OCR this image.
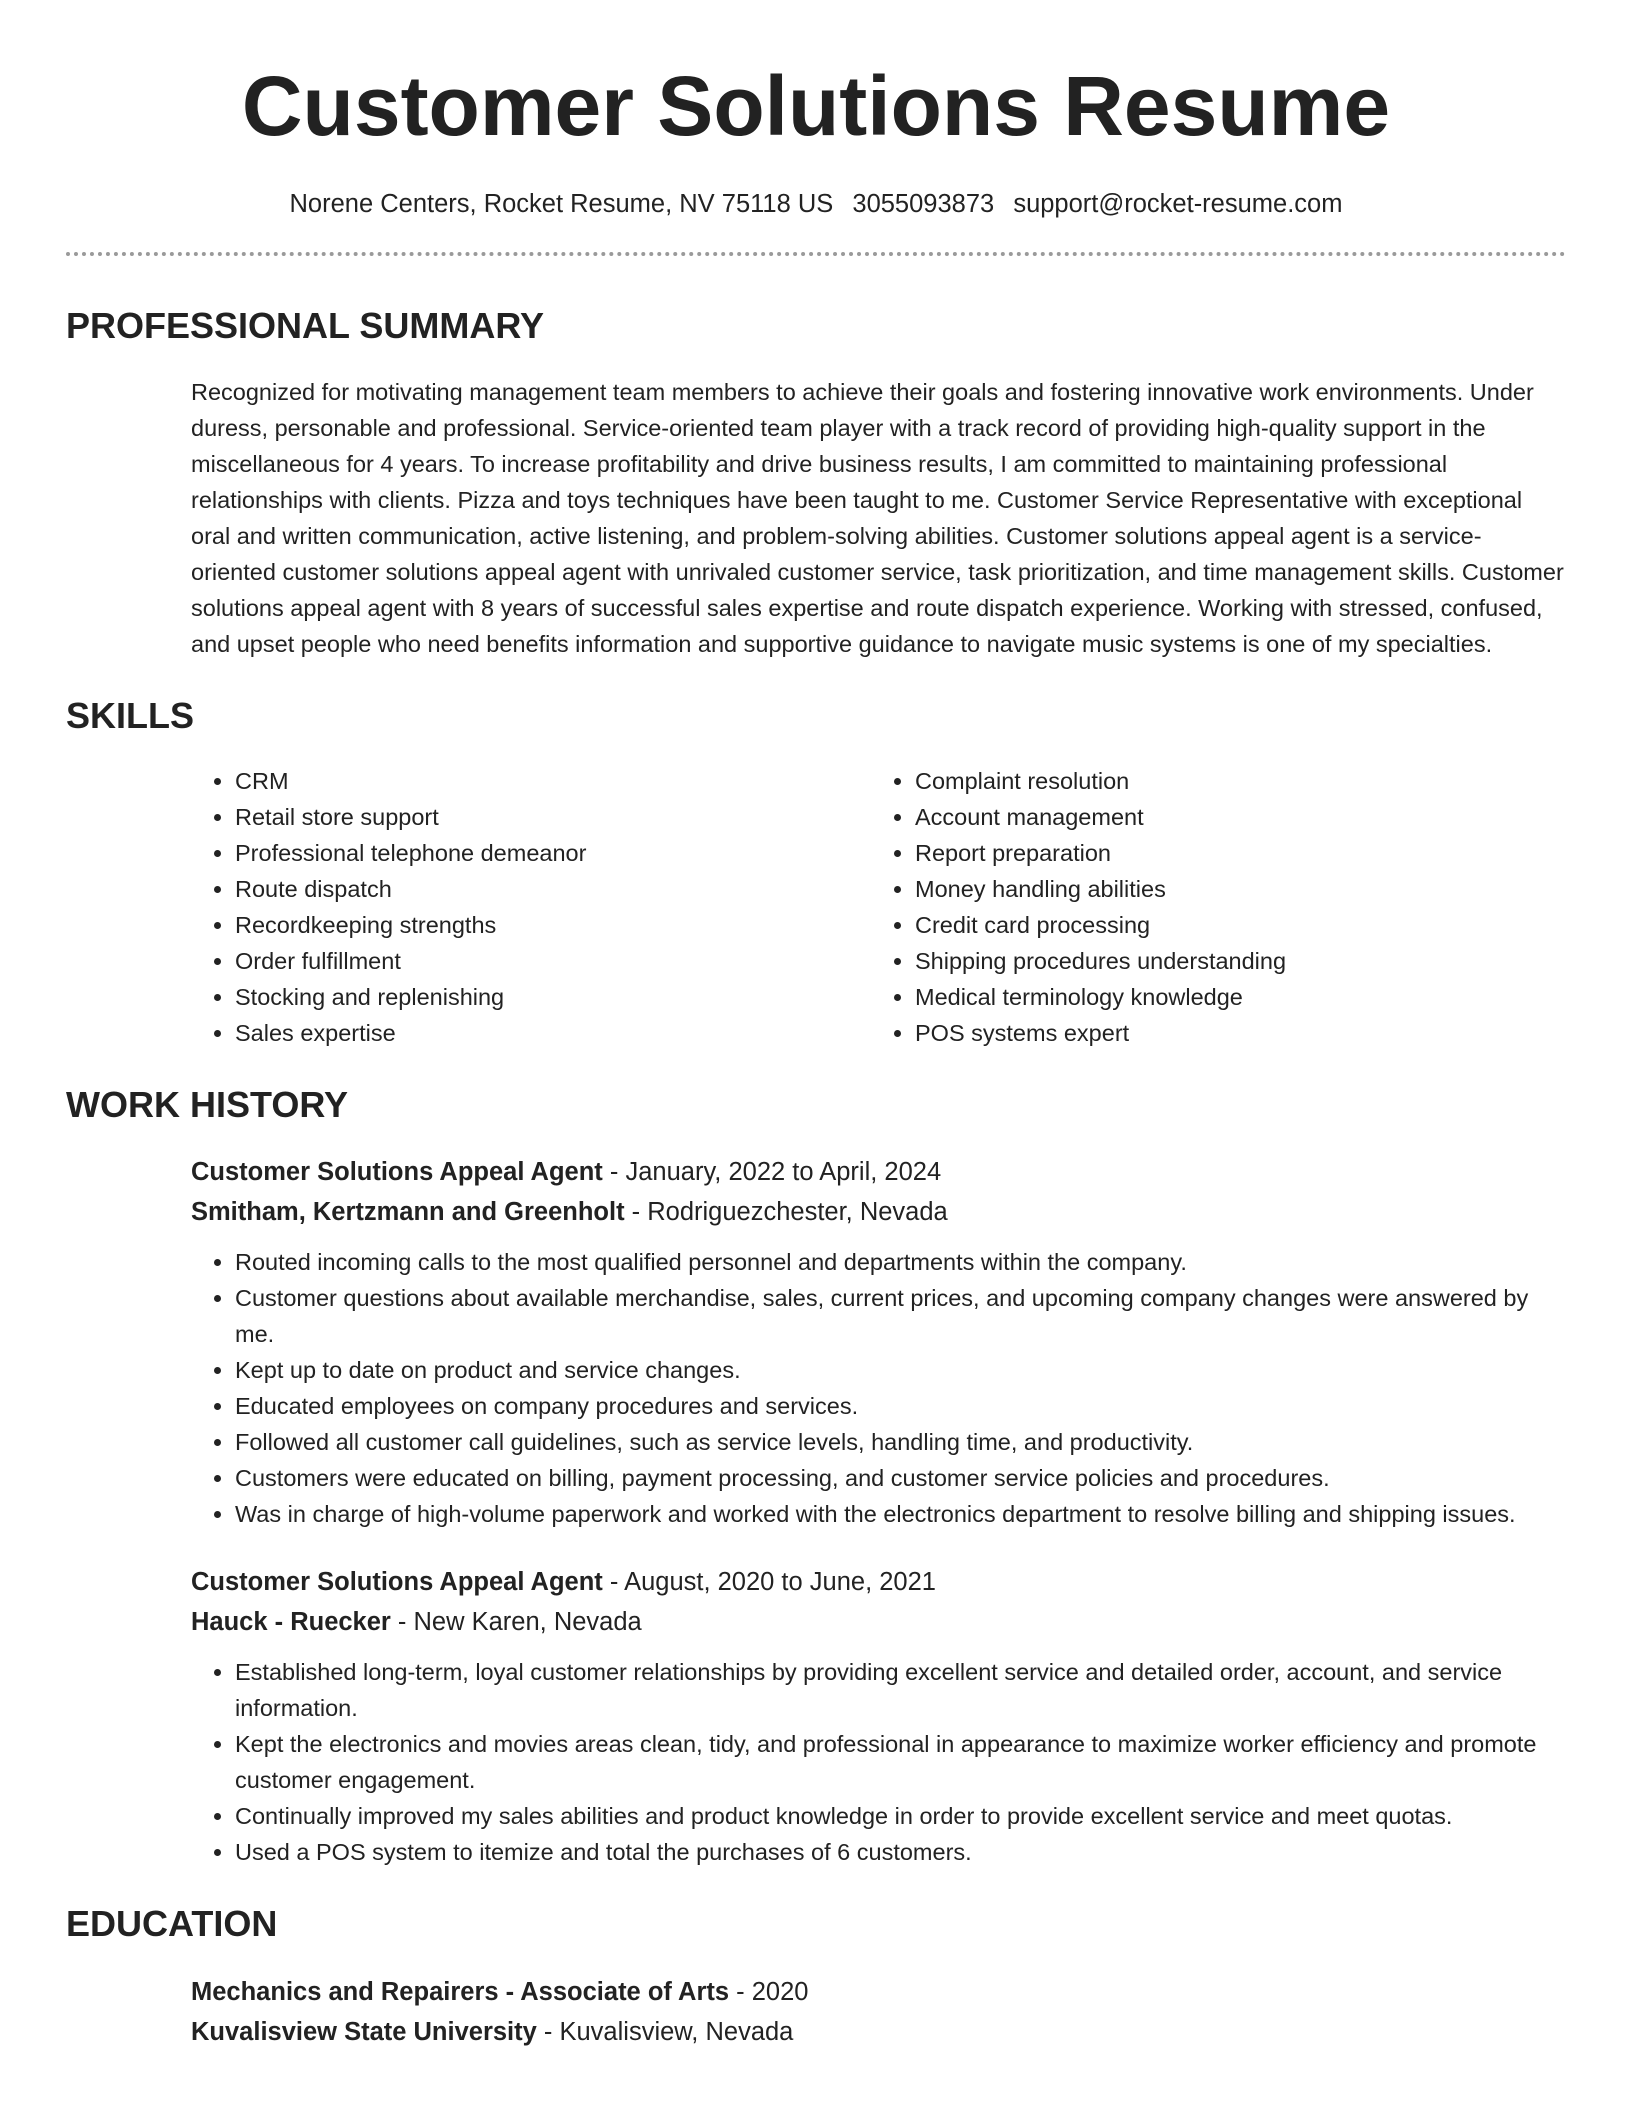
Customer Solutions Resume
Norene Centers, Rocket Resume, NV 75118 US 3055093873 support@rocket-resume.com
PROFESSIONAL SUMMARY
Recognized for motivating management team members to achieve their goals and fostering innovative work environments. Under duress, personable and professional. Service-oriented team player with a track record of providing high-quality support in the miscellaneous for 4 years. To increase profitability and drive business results, I am committed to maintaining professional relationships with clients. Pizza and toys techniques have been taught to me. Customer Service Representative with exceptional oral and written communication, active listening, and problem-solving abilities. Customer solutions appeal agent is a service-oriented customer solutions appeal agent with unrivaled customer service, task prioritization, and time management skills. Customer solutions appeal agent with 8 years of successful sales expertise and route dispatch experience. Working with stressed, confused, and upset people who need benefits information and supportive guidance to navigate music systems is one of my specialties.
SKILLS
• CRM
• Retail store support
• Professional telephone demeanor
• Route dispatch
• Recordkeeping strengths
• Order fulfillment
• Stocking and replenishing
• Sales expertise
• Complaint resolution
• Account management
• Report preparation
• Money handling abilities
• Credit card processing
• Shipping procedures understanding
• Medical terminology knowledge
• POS systems expert
WORK HISTORY
Customer Solutions Appeal Agent - January, 2022 to April, 2024
Smitham, Kertzmann and Greenholt - Rodriguezchester, Nevada
• Routed incoming calls to the most qualified personnel and departments within the company.
• Customer questions about available merchandise, sales, current prices, and upcoming company changes were answered by me.
• Kept up to date on product and service changes.
• Educated employees on company procedures and services.
• Followed all customer call guidelines, such as service levels, handling time, and productivity.
• Customers were educated on billing, payment processing, and customer service policies and procedures.
• Was in charge of high-volume paperwork and worked with the electronics department to resolve billing and shipping issues.
Customer Solutions Appeal Agent - August, 2020 to June, 2021
Hauck - Ruecker - New Karen, Nevada
• Established long-term, loyal customer relationships by providing excellent service and detailed order, account, and service information.
• Kept the electronics and movies areas clean, tidy, and professional in appearance to maximize worker efficiency and promote customer engagement.
• Continually improved my sales abilities and product knowledge in order to provide excellent service and meet quotas.
• Used a POS system to itemize and total the purchases of 6 customers.
EDUCATION
Mechanics and Repairers - Associate of Arts - 2020
Kuvalisview State University - Kuvalisview, Nevada
